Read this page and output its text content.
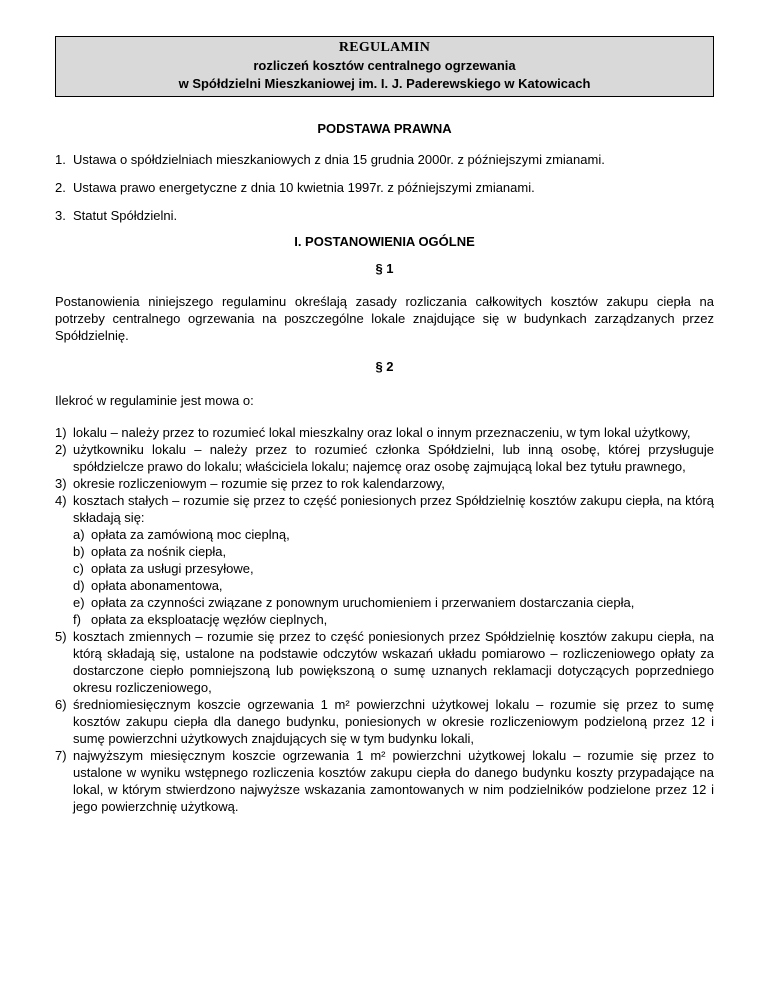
REGULAMIN
rozliczeń kosztów centralnego ogrzewania
w Spółdzielni Mieszkaniowej im. I. J. Paderewskiego w Katowicach
PODSTAWA PRAWNA
1. Ustawa o spółdzielniach mieszkaniowych z dnia 15 grudnia 2000r. z późniejszymi zmianami.
2. Ustawa prawo energetyczne z dnia 10 kwietnia 1997r. z późniejszymi zmianami.
3. Statut Spółdzielni.
I. POSTANOWIENIA OGÓLNE
§ 1
Postanowienia niniejszego regulaminu określają zasady rozliczania całkowitych kosztów zakupu ciepła na potrzeby centralnego ogrzewania na poszczególne lokale znajdujące się w budynkach zarządzanych przez Spółdzielnię.
§ 2
Ilekroć w regulaminie jest mowa o:
1) lokalu – należy przez to rozumieć lokal mieszkalny oraz lokal o innym przeznaczeniu, w tym lokal użytkowy,
2) użytkowniku lokalu – należy przez to rozumieć członka Spółdzielni, lub inną osobę, której przysługuje spółdzielcze prawo do lokalu; właściciela lokalu; najemcę oraz osobę zajmującą lokal bez tytułu prawnego,
3) okresie rozliczeniowym – rozumie się przez to rok kalendarzowy,
4) kosztach stałych – rozumie się przez to część poniesionych przez Spółdzielnię kosztów zakupu ciepła, na którą składają się:
a) opłata za zamówioną moc cieplną,
b) opłata za nośnik ciepła,
c) opłata za usługi przesyłowe,
d) opłata abonamentowa,
e) opłata za czynności związane z ponownym uruchomieniem i przerwaniem dostarczania ciepła,
f) opłata za eksploatację węzłów cieplnych,
5) kosztach zmiennych – rozumie się przez to część poniesionych przez Spółdzielnię kosztów zakupu ciepła, na którą składają się, ustalone na podstawie odczytów wskazań układu pomiarowo – rozliczeniowego opłaty za dostarczone ciepło pomniejszoną lub powiększoną o sumę uznanych reklamacji dotyczących poprzedniego okresu rozliczeniowego,
6) średniomiesięcznym koszcie ogrzewania 1 m² powierzchni użytkowej lokalu – rozumie się przez to sumę kosztów zakupu ciepła dla danego budynku, poniesionych w okresie rozliczeniowym podzieloną przez 12 i sumę powierzchni użytkowych znajdujących się w tym budynku lokali,
7) najwyższym miesięcznym koszcie ogrzewania 1 m² powierzchni użytkowej lokalu – rozumie się przez to ustalone w wyniku wstępnego rozliczenia kosztów zakupu ciepła do danego budynku koszty przypadające na lokal, w którym stwierdzono najwyższe wskazania zamontowanych w nim podzielników podzielone przez 12 i jego powierzchnię użytkową.
